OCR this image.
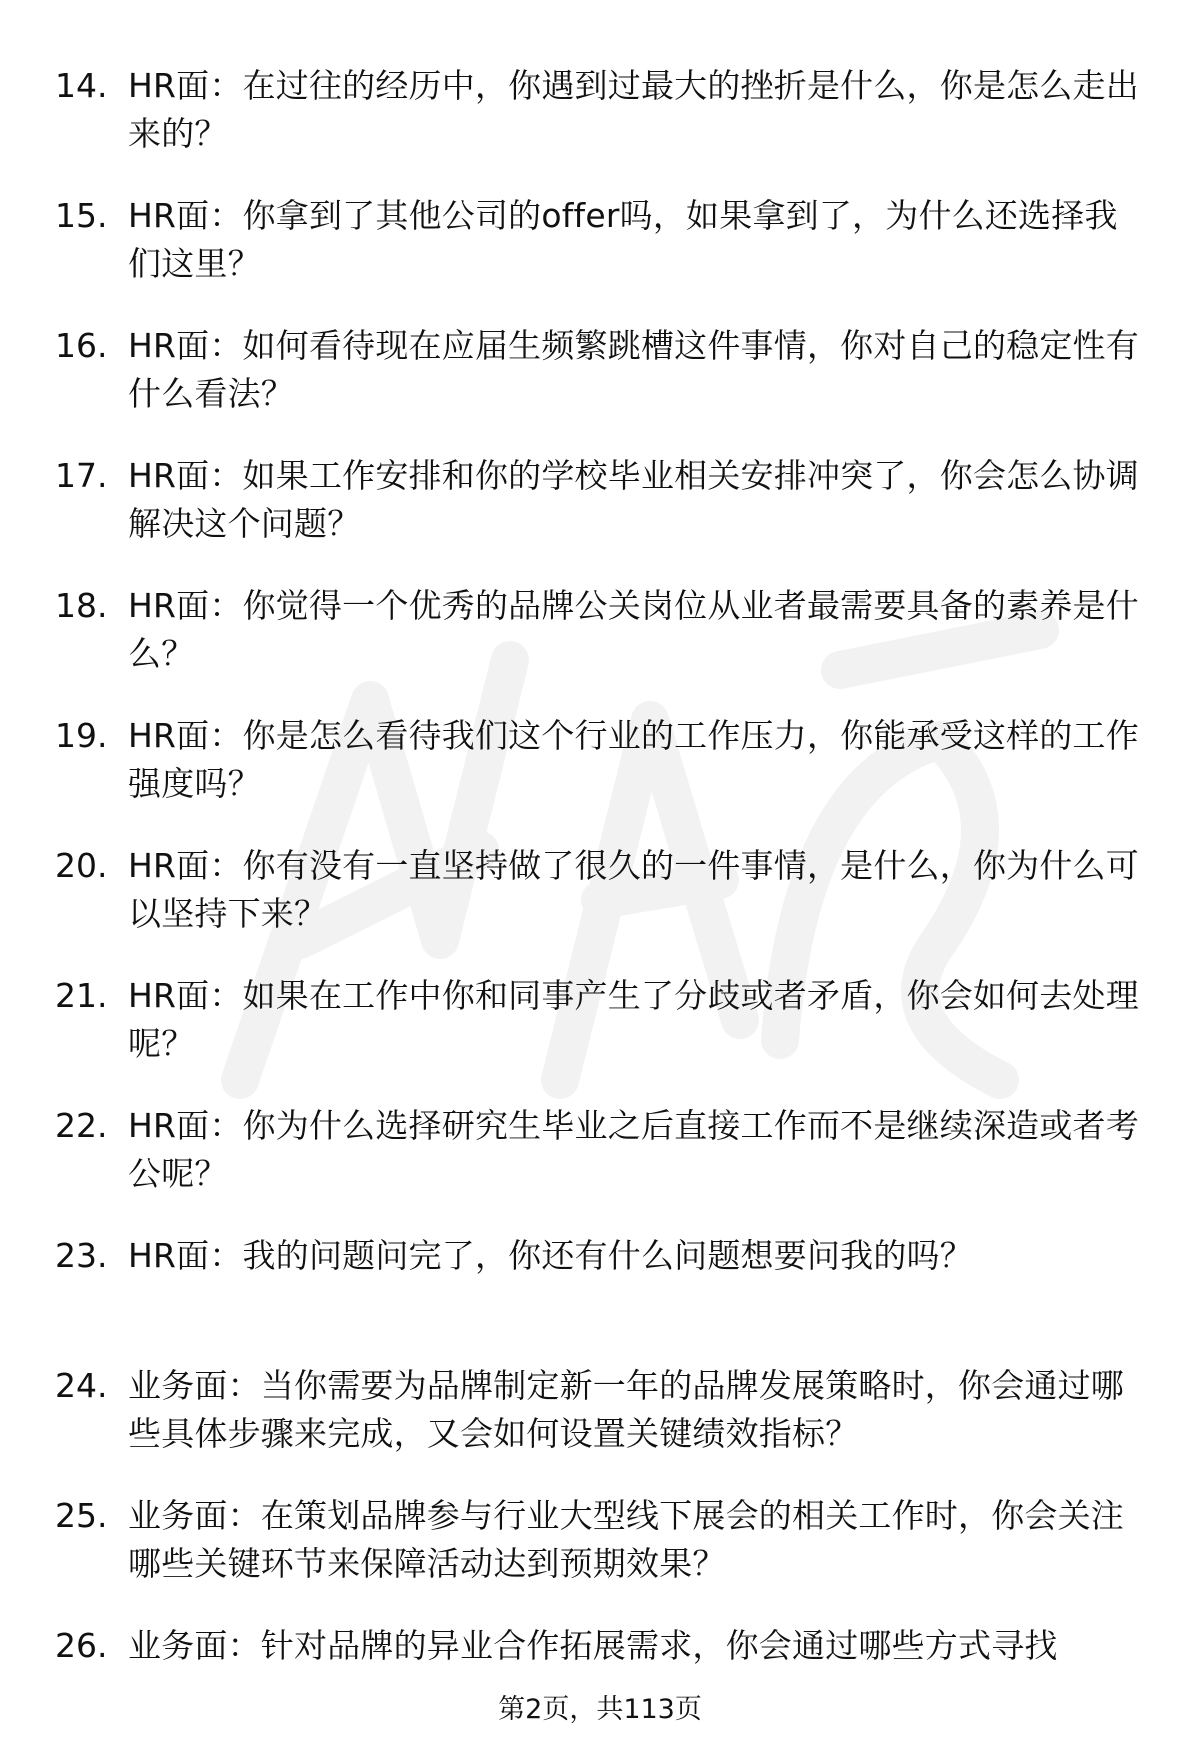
14. HR面：在过往的经历中，你遇到过最大的挫折是什么，你是怎么走出来的？
15. HR面：你拿到了其他公司的offer吗，如果拿到了，为什么还选择我们这里？
16. HR面：如何看待现在应届生频繁跳槽这件事情，你对自己的稳定性有什么看法？
17. HR面：如果工作安排和你的学校毕业相关安排冲突了，你会怎么协调解决这个问题？
18. HR面：你觉得一个优秀的品牌公关岗位从业者最需要具备的素养是什么？
19. HR面：你是怎么看待我们这个行业的工作压力，你能承受这样的工作强度吗？
20. HR面：你有没有一直坚持做了很久的一件事情，是什么，你为什么可以坚持下来？
21. HR面：如果在工作中你和同事产生了分歧或者矛盾，你会如何去处理呢？
22. HR面：你为什么选择研究生毕业之后直接工作而不是继续深造或者考公呢？
23. HR面：我的问题问完了，你还有什么问题想要问我的吗？
24. 业务面：当你需要为品牌制定新一年的品牌发展策略时，你会通过哪些具体步骤来完成，又会如何设置关键绩效指标？
25. 业务面：在策划品牌参与行业大型线下展会的相关工作时，你会关注哪些关键环节来保障活动达到预期效果？
26. 业务面：针对品牌的异业合作拓展需求，你会通过哪些方式寻找
第2页，共113页
